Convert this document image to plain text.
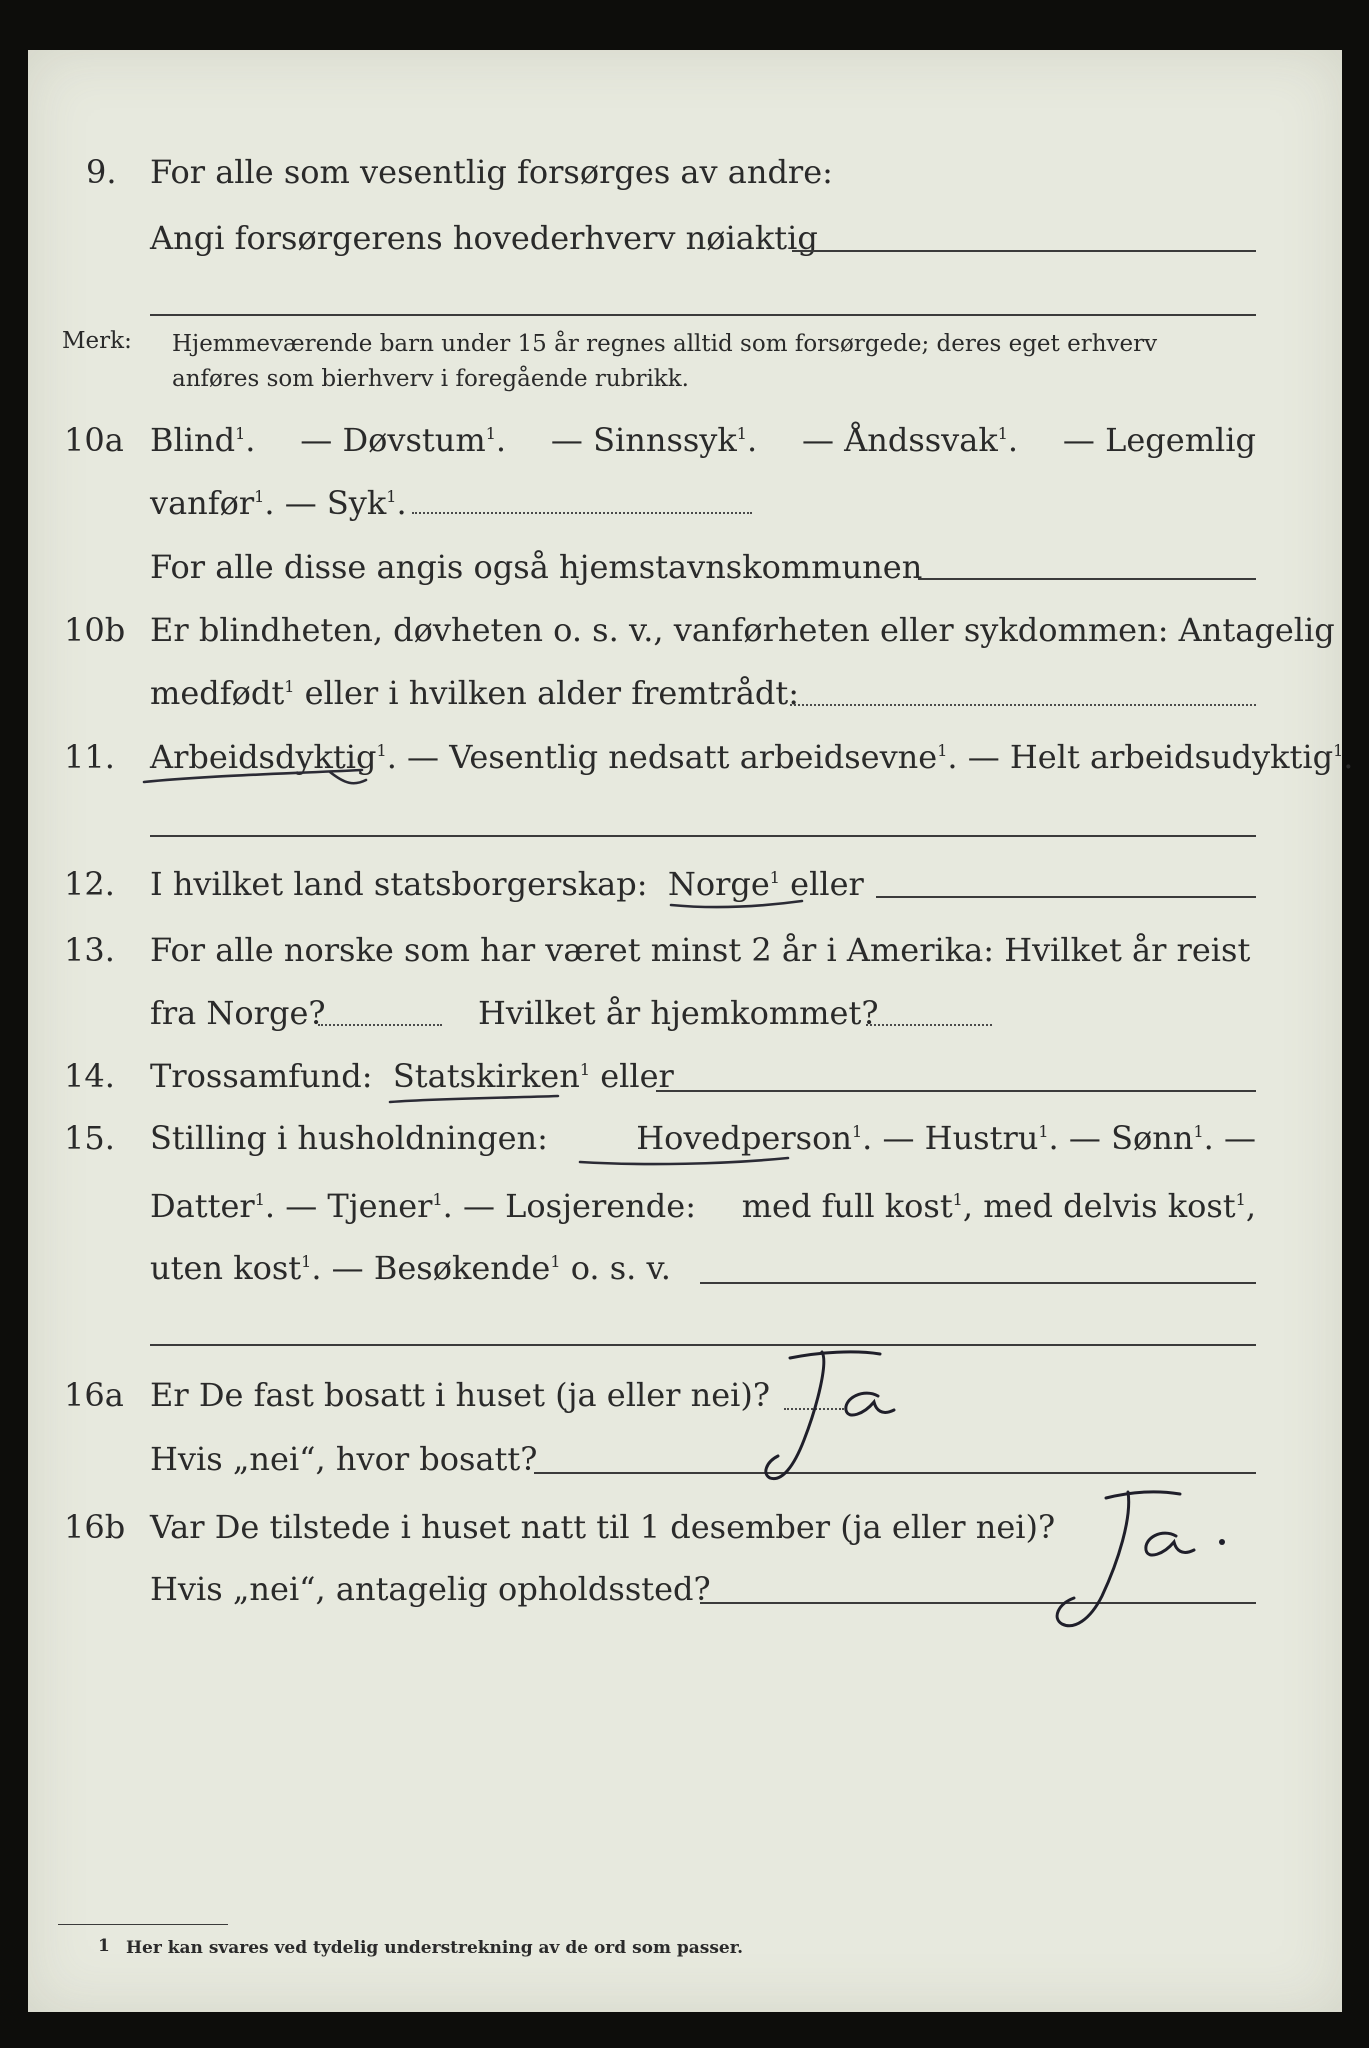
9. For alle som vesentlig forsørges av andre:
Angi forsørgerens hovederhverv nøiaktig
Merk: Hjemmeværende barn under 15 år regnes alltid som forsørgede; deres eget erhverv
anføres som bierhverv i foregående rubrikk.
10a Blind$^1$. — Døvstum$^1$. — Sinnssyk$^1$. — Åndssvak$^1$. — Legemlig
vanfør$^1$. — Syk$^1$.
For alle disse angis også hjemstavnskommunen
10b Er blindheten, døvheten o. s. v., vanførheten eller sykdommen: Antagelig
medfødt$^1$ eller i hvilken alder fremtrådt:
11. Arbeidsdyktig$^1$. — Vesentlig nedsatt arbeidsevne$^1$. — Helt arbeidsudyktig$^1$.
12. I hvilket land statsborgerskap: Norge$^1$ eller
13. For alle norske som har været minst 2 år i Amerika: Hvilket år reist
fra Norge?	Hvilket år hjemkommet?
14. Trossamfund: Statskirken$^1$ eller
15. Stilling i husholdningen:	Hovedperson$^1$. — Hustru$^1$. — Sønn$^1$. —
Datter$^1$. — Tjener$^1$. — Losjerende: med full kost$^1$, med delvis kost$^1$,
uten kost$^1$. — Besøkende$^1$ o. s. v.
16a Er De fast bosatt i huset (ja eller nei)?
Hvis „nei“, hvor bosatt?
Ja
16b Var De tilstede i huset natt til 1 desember (ja eller nei)?
Hvis „nei“, antagelig opholdssted?
Ja.
1 Her kan svares ved tydelig understrekning av de ord som passer.
